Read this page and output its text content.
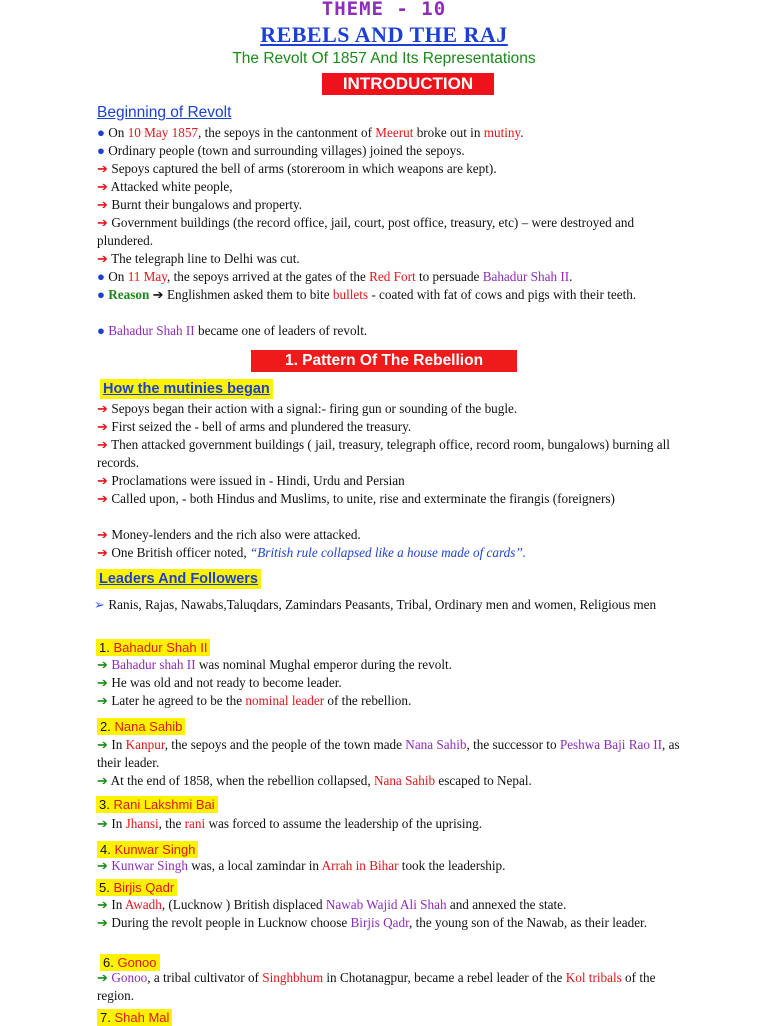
THEME - 10
REBELS AND THE RAJ
The Revolt Of 1857 And Its Representations
INTRODUCTION
Beginning of Revolt
● On 10 May 1857, the sepoys in the cantonment of Meerut broke out in mutiny.
● Ordinary people (town and surrounding villages) joined the sepoys.
➔ Sepoys captured the bell of arms (storeroom in which weapons are kept).
➔ Attacked white people,
➔ Burnt their bungalows and property.
➔ Government buildings (the record office, jail, court, post office, treasury, etc) – were destroyed and plundered.
➔ The telegraph line to Delhi was cut.
● On 11 May, the sepoys arrived at the gates of the Red Fort to persuade Bahadur Shah II.
● Reason ➔ Englishmen asked them to bite bullets - coated with fat of cows and pigs with their teeth.
● Bahadur Shah II became one of leaders of revolt.
1. Pattern Of The Rebellion
How the mutinies began
➔ Sepoys began their action with a signal:- firing gun or sounding of the bugle.
➔ First seized the - bell of arms and plundered the treasury.
➔ Then attacked government buildings ( jail, treasury, telegraph office, record room, bungalows) burning all records.
➔ Proclamations were issued in - Hindi, Urdu and Persian
➔ Called upon, - both Hindus and Muslims, to unite, rise and exterminate the firangis (foreigners)
➔ Money-lenders and the rich also were attacked.
➔ One British officer noted, “British rule collapsed like a house made of cards’’.
Leaders And Followers
➢ Ranis, Rajas, Nawabs,Taluqdars, Zamindars Peasants, Tribal, Ordinary men and women, Religious men
1. Bahadur Shah II
➔ Bahadur shah II was nominal Mughal emperor during the revolt.
➔ He was old and not ready to become leader.
➔ Later he agreed to be the nominal leader of the rebellion.
2. Nana Sahib
➔ In Kanpur, the sepoys and the people of the town made Nana Sahib, the successor to Peshwa Baji Rao II, as their leader.
➔ At the end of 1858, when the rebellion collapsed, Nana Sahib escaped to Nepal.
3. Rani Lakshmi Bai
➔ In Jhansi, the rani was forced to assume the leadership of the uprising.
4. Kunwar Singh
➔ Kunwar Singh was, a local zamindar in Arrah in Bihar took the leadership.
5. Birjis Qadr
➔ In Awadh, (Lucknow ) British displaced Nawab Wajid Ali Shah and annexed the state.
➔ During the revolt people in Lucknow choose Birjis Qadr, the young son of the Nawab, as their leader.
6. Gonoo
➔ Gonoo, a tribal cultivator of Singhbhum in Chotanagpur, became a rebel leader of the Kol tribals of the region.
7. Shah Mal
